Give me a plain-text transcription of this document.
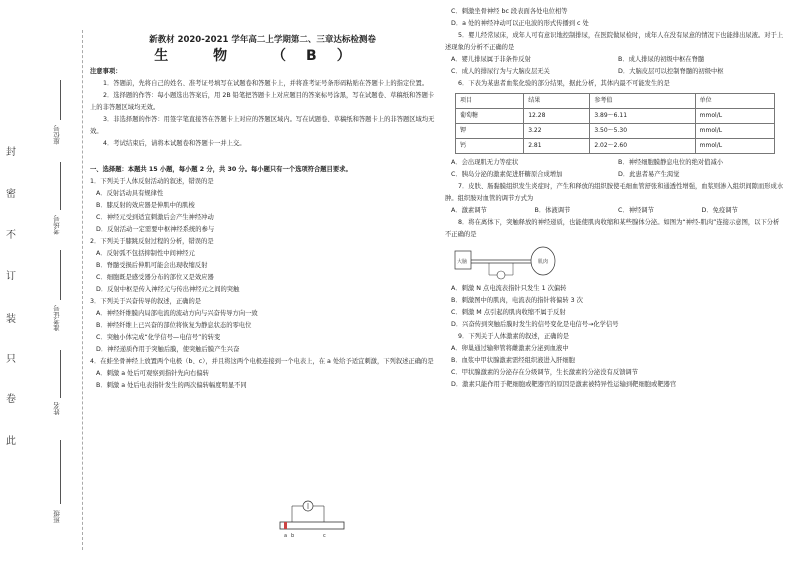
封
密
不
订
装
只
卷
此
座位号
考场号
准考证号
姓名
班级
新教材 2020-2021 学年高二上学期第二、三章达标检测卷
生 物 （B）
注意事项：

1．答题前，先将自己的姓名、准考证号填写在试题卷和答题卡上，并将准考证号条形码粘贴在答题卡上的指定位置。

2．选择题的作答：每小题选出答案后，用 2B 铅笔把答题卡上对应题目的答案标号涂黑，写在试题卷、草稿纸和答题卡上的非答题区域均无效。

3．非选择题的作答：用签字笔直接答在答题卡上对应的答题区域内。写在试题卷、草稿纸和答题卡上的非答题区域均无效。

4．考试结束后，请将本试题卷和答题卡一并上交。

一、选择题：本题共 15 小题，每小题 2 分，共 30 分。每小题只有一个选项符合题目要求。

1．下列关于人体反射活动的叙述，错误的是

A．反射活动具有规律性

B．膝反射的效应器是伸肌中的肌梭

C．神经元受到适宜刺激后会产生神经冲动

D．反射活动一定需要中枢神经系统的参与

2．下列关于膝跳反射过程的分析，错误的是

A．反射弧不包括抑制性中间神经元

B．脊髓受损后伸肌可能会出现收缩反射

C．细胞既是感受器分布的部位又是效应器

D．反射中枢是传入神经元与传出神经元之间的突触

3．下列关于兴奋传导的叙述，正确的是

A．神经纤维膜内局部电流的流动方向与兴奋传导方向一致

B．神经纤维上已兴奋的部位将恢复为静息状态的零电位

C．突触小体完成“化学信号—电信号”的转变

D．神经递质作用于突触后膜，使突触后膜产生兴奋

4．在蛙坐骨神经上放置两个电极（b、c），并且将这两个电极连接到一个电表上，在 a 处给予适宜刺激，下列叙述正确的是

A．刺激 a 处后可观察到指针先向右偏转

B．刺激 a 处后电表指针发生的两次偏转幅度明显不同

a b	c

C．刺激坐骨神经 bc 段表面各处电位相等

D．a 处的神经冲动可以正电波的形式传播到 c 处

5．婴儿经常尿床，成年人可有意识地控制排尿，在医院做尿检时，成年人在没有尿意的情况下也能排出尿液。对于上述现象的分析不正确的是

A．婴儿排尿属于非条件反射	B．成人排尿的初级中枢在脊髓
C．成人的排尿行为与大脑皮层无关	D．大脑皮层可以控制脊髓的初级中枢

6．下表为某患者血浆化验的部分结果，据此分析，其体内最不可能发生的是

项目	结果	参考值	单位
葡萄糖	12.28	3.89～6.11	mmol/L
钾	3.22	3.50～5.30	mmol/L
钙	2.81	2.02～2.60	mmol/L
A．会出现肌无力等症状	B．神经细胞膜静息电位的绝对值减小
C．胰岛分泌的激素促进肝糖原合成增加	D．此患者易产生渴觉

7．皮肤、肠黏膜组织发生炎症时，产生和释放的组织胺使毛细血管舒张和通透性增强，血浆则渗入组织间隙而形成水肿。组织胺对血管的调节方式为

A．激素调节	B．体液调节	C．神经调节	D．免疫调节

8．将在离体下，突触释放的神经递质，也能使肌肉收缩和某些腺体分泌。如图为“神经-肌肉”连接示意图，以下分析不正确的是

大脑	肌肉

A．刺激 N 点电流表指针只发生 1 次偏转

B．刺激图中的肌肉，电流表的指针将偏转 3 次

C．刺激 M 点引起的肌肉收缩不属于反射

D．兴奋传到突触后膜时发生的信号变化是电信号→化学信号

9．下列关于人体激素的叙述，正确的是

A．卵巢通过输卵管将雌激素分泌到血液中

B．血浆中甲状腺激素需经组织液进入肝细胞

C．甲状腺激素的分泌存在分级调节，生长激素的分泌没有反馈调节

D．激素只能作用于靶细胞或靶器官的原因是激素被特异性运输到靶细胞或靶器官
